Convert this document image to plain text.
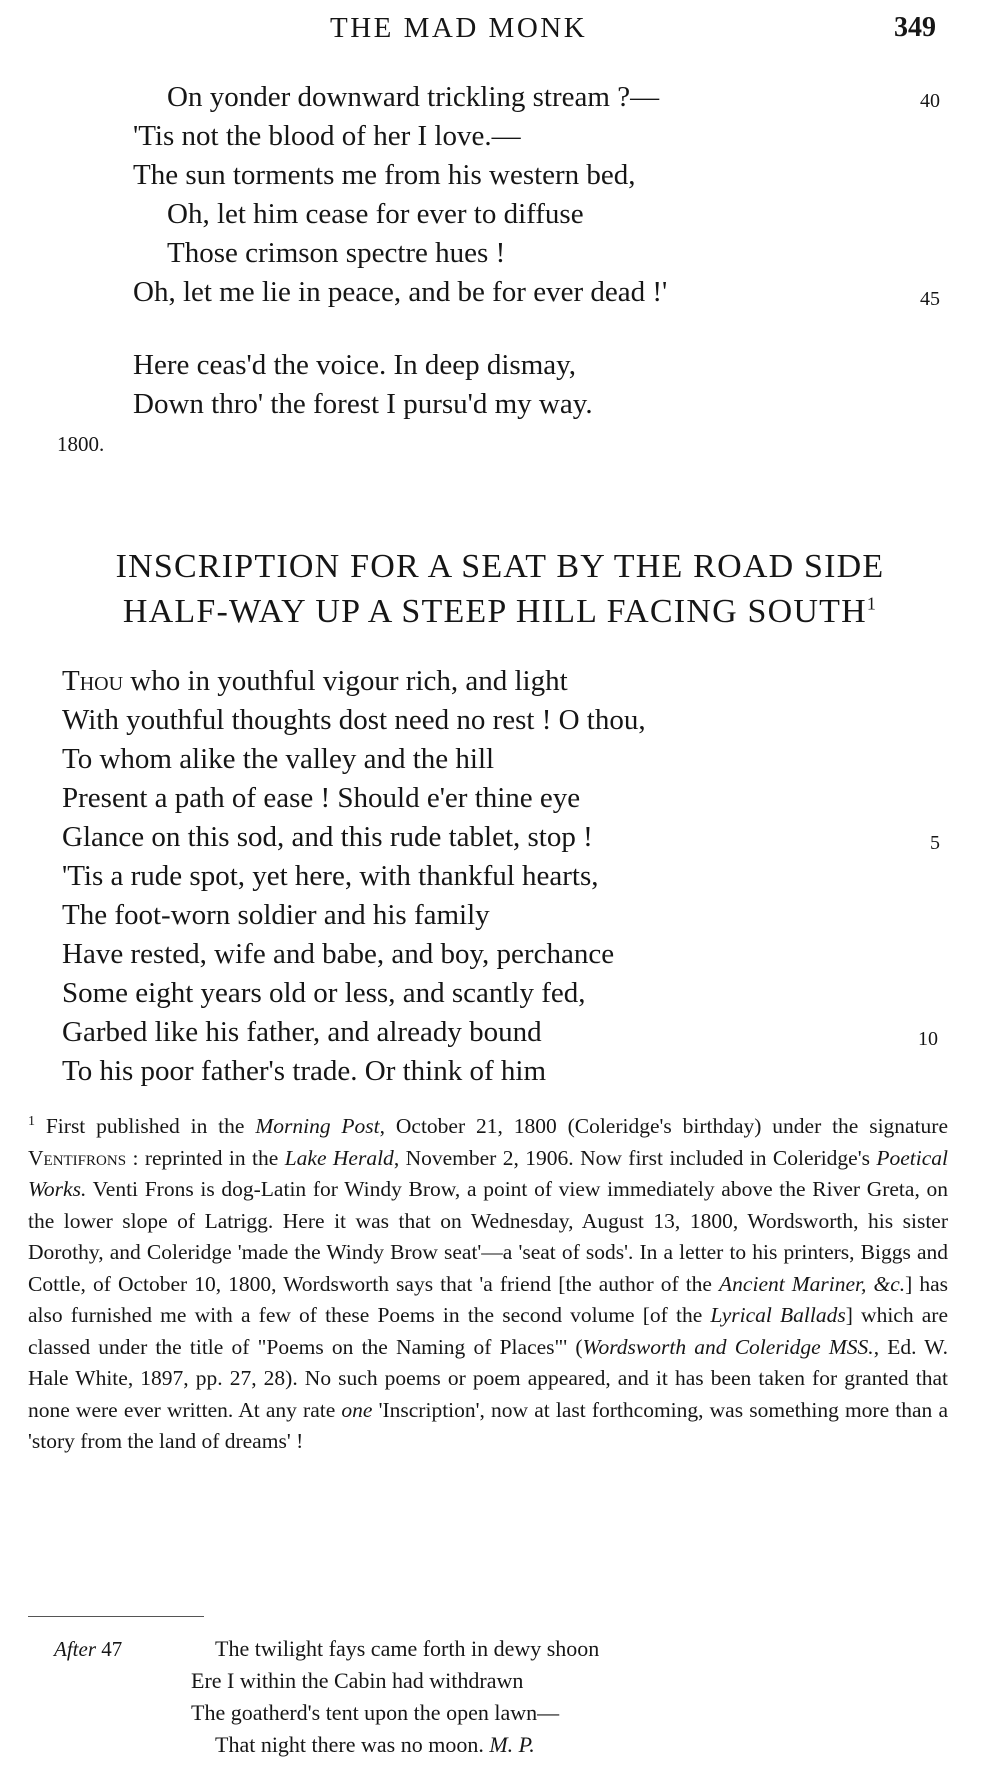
THE MAD MONK	349
On yonder downward trickling stream ?—	40
'Tis not the blood of her I love.—
The sun torments me from his western bed,
Oh, let him cease for ever to diffuse
Those crimson spectre hues !
Oh, let me lie in peace, and be for ever dead !'	45
Here ceas'd the voice. In deep dismay,
Down thro' the forest I pursu'd my way.
1800.
INSCRIPTION FOR A SEAT BY THE ROAD SIDE
HALF-WAY UP A STEEP HILL FACING SOUTH$^1$
Thou who in youthful vigour rich, and light
With youthful thoughts dost need no rest ! O thou,
To whom alike the valley and the hill
Present a path of ease ! Should e'er thine eye
Glance on this sod, and this rude tablet, stop !	5
'Tis a rude spot, yet here, with thankful hearts,
The foot-worn soldier and his family
Have rested, wife and babe, and boy, perchance
Some eight years old or less, and scantly fed,
Garbed like his father, and already bound	10
To his poor father's trade. Or think of him
$^1$ First published in the Morning Post, October 21, 1800 (Coleridge's birthday) under the signature Ventifrons : reprinted in the Lake Herald, November 2, 1906. Now first included in Coleridge's Poetical Works. Venti Frons is dog-Latin for Windy Brow, a point of view immediately above the River Greta, on the lower slope of Latrigg. Here it was that on Wednesday, August 13, 1800, Wordsworth, his sister Dorothy, and Coleridge 'made the Windy Brow seat'—a 'seat of sods'. In a letter to his printers, Biggs and Cottle, of October 10, 1800, Wordsworth says that 'a friend [the author of the Ancient Mariner, &c.] has also furnished me with a few of these Poems in the second volume [of the Lyrical Ballads] which are classed under the title of "Poems on the Naming of Places"' (Wordsworth and Coleridge MSS., Ed. W. Hale White, 1897, pp. 27, 28). No such poems or poem appeared, and it has been taken for granted that none were ever written. At any rate one 'Inscription', now at last forthcoming, was something more than a 'story from the land of dreams' !
After 47	The twilight fays came forth in dewy shoon
Ere I within the Cabin had withdrawn
The goatherd's tent upon the open lawn—
That night there was no moon. M. P.
